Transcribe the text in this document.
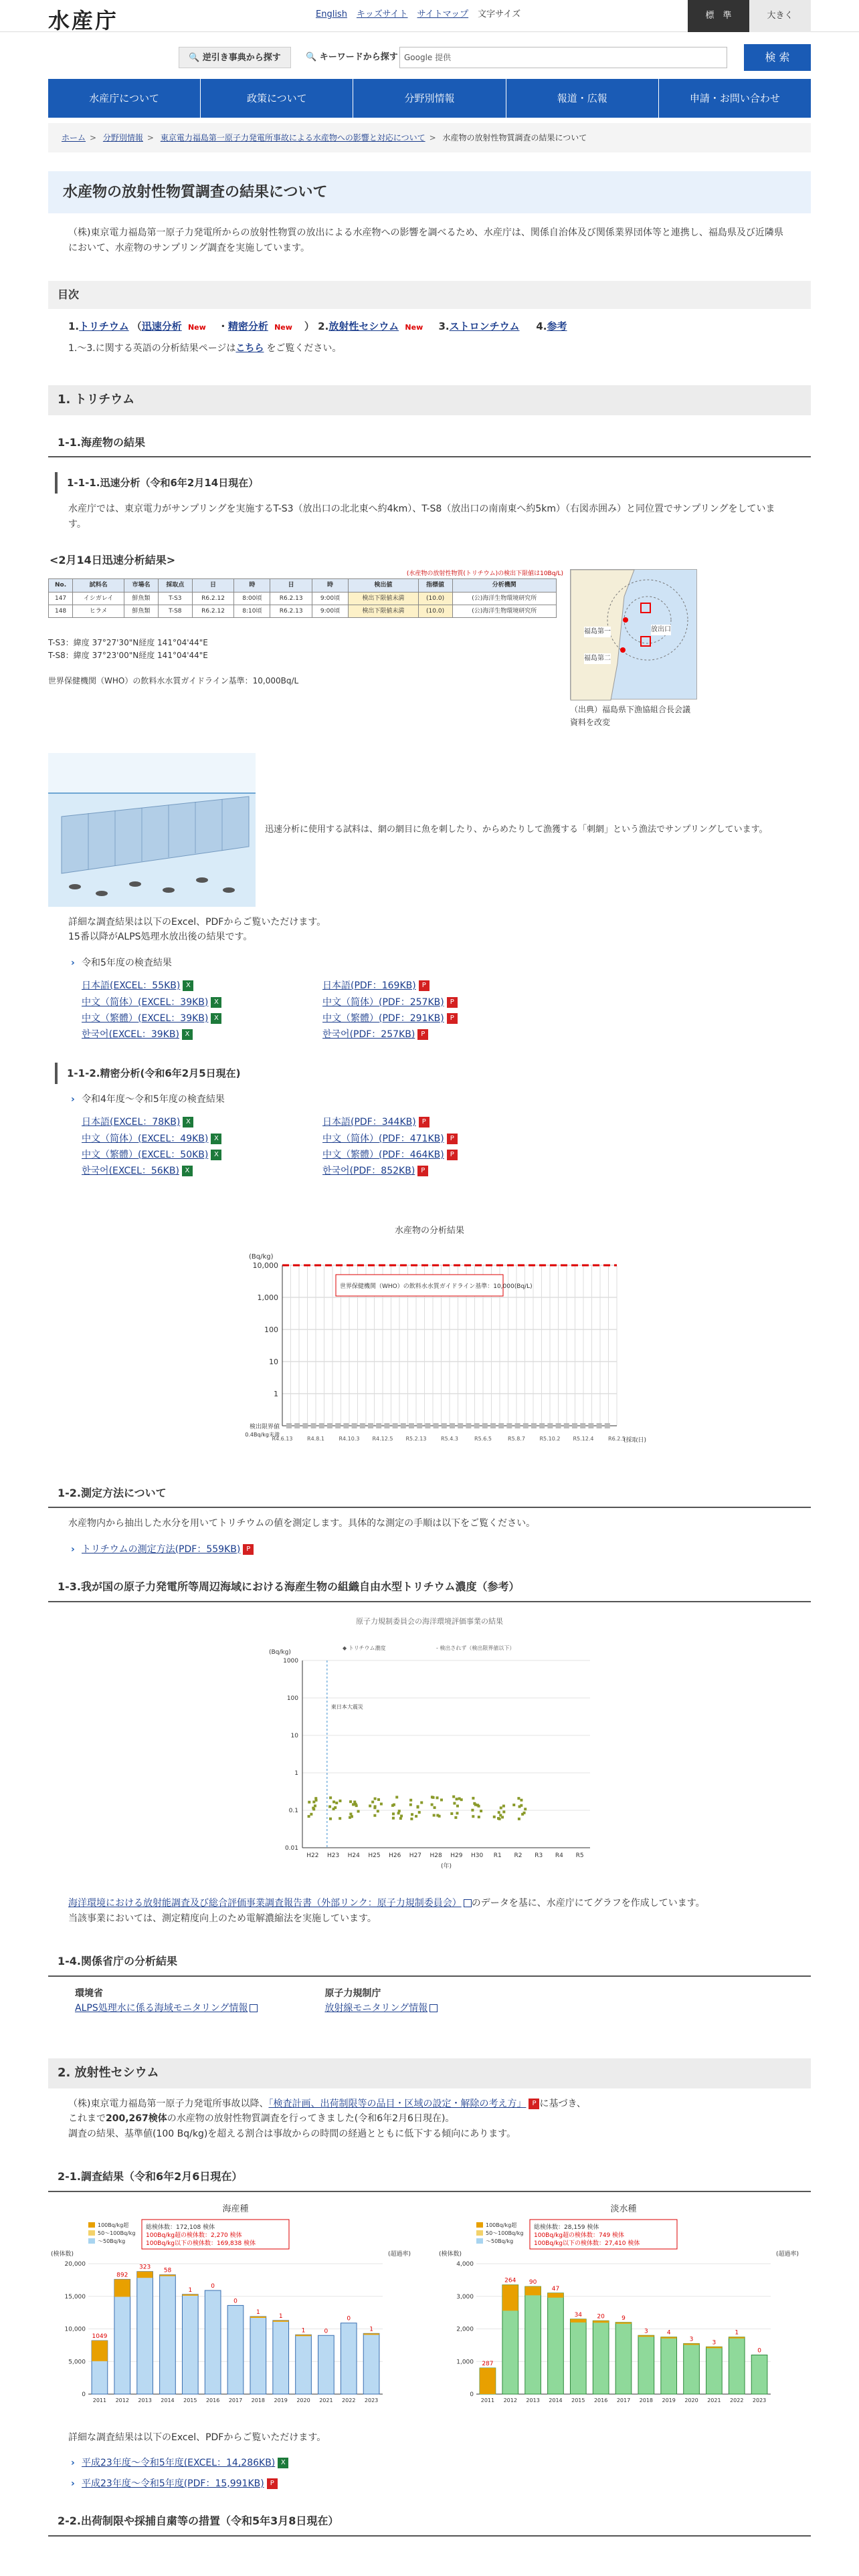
水産庁	English キッズサイト サイトマップ 文字サイズ	標　準	大きく
🔍 逆引き事典から探す	🔍 キーワードから探す Google 提供	検 索
水産庁について	政策について	分野別情報	報道・広報	申請・お問い合わせ
ホーム > 分野別情報 > 東京電力福島第一原子力発電所事故による水産物への影響と対応について > 水産物の放射性物質調査の結果について
水産物の放射性物質調査の結果について

（株)東京電力福島第一原子力発電所からの放射性物質の放出による水産物への影響を調べるため、水産庁は、関係自治体及び関係業界団体等と連携し、福島県及び近隣県において、水産物のサンプリング調査を実施しています。

目次
1.トリチウム （迅速分析 New ・精密分析 New ） 2.放射性セシウム New 3.ストロンチウム 4.参考
1.〜3.に関する英語の分析結果ページはこちら をご覧ください。
1. トリチウム
1-1.海産物の結果
1-1-1.迅速分析（令和6年2月14日現在）

水産庁では、東京電力がサンプリングを実施するT-S3（放出口の北北東へ約4km）、T-S8（放出口の南南東へ約5km）（右図赤囲み）と同位置でサンプリングをしています。

<2月14日迅速分析結果>
(水産物の放射性物質(トリチウム)の検出下限値は10Bq/L)
No.	試料名	市場名	採取点	日	時	日	時	検出値	指標値	分析機関
147	イシガレイ	鮮魚類	T-S3	R6.2.12	8:00頃	R6.2.13	9:00頃	検出下限値未満	(10.0)	(公)海洋生物環境研究所
148	ヒラメ	鮮魚類	T-S8	R6.2.12	8:10頃	R6.2.13	9:00頃	検出下限値未満	(10.0)	(公)海洋生物環境研究所
T-S3：緯度 37°27'30"N経度 141°04'44"E
T-S8：緯度 37°23'00"N経度 141°04'44"E
世界保健機関（WHO）の飲料水水質ガイドライン基準：10,000Bq/L
福島第一
福島第二
放出口
（出典）福島県下漁協組合長会議資料を改変

迅速分析に使用する試料は、網の網目に魚を刺したり、からめたりして漁獲する「刺網」という漁法でサンプリングしています。

詳細な調査結果は以下のExcel、PDFからご覧いただけます。

15番以降がALPS処理水放出後の結果です。

› 令和5年度の検査結果
日本語(EXCEL：55KB) X	日本語(PDF：169KB) P
中文（简体）(EXCEL：39KB) X	中文（简体）(PDF：257KB) P
中文（繁體）(EXCEL：39KB) X	中文（繁體）(PDF：291KB) P
한국어(EXCEL：39KB) X	한국어(PDF：257KB) P
1-1-2.精密分析(令和6年2月5日現在)
› 令和4年度〜令和5年度の検査結果
日本語(EXCEL：78KB) X	日本語(PDF：344KB) P
中文（简体）(EXCEL：49KB) X	中文（简体）(PDF：471KB) P
中文（繁體）(EXCEL：50KB) X	中文（繁體）(PDF：464KB) P
한국어(EXCEL：56KB) X	한국어(PDF：852KB) P
水産物の分析結果
(Bq/kg)
10,000
1,000
100
10
1
世界保健機関（WHO）の飲料水水質ガイドライン基準：10,000(Bq/L)
検出限界値
0.4Bq/kg未満
R4.6.13	R4.8.1	R4.10.3 R4.12.5 R5.2.13	R5.4.3	R5.6.5	R5.8.7	R5.10.2 R5.12.4	R6.2.5
(採取日)
1-2.測定方法について

水産物内から抽出した水分を用いてトリチウムの値を測定します。具体的な測定の手順は以下をご覧ください。

› トリチウムの測定方法(PDF：559KB) P
1-3.我が国の原子力発電所等周辺海域における海産生物の組織自由水型トリチウム濃度（参考）
原子力規制委員会の海洋環境評価事業の結果
(Bq/kg)
◆ トリチウム濃度	- 検出されず（検出限界値以下）
1000
100
10
1
0.1
0.01
H22 H23 H24 H25 H26 H27 H28 H29 H30 R1 R2 R3 R4 R5
(年)
東日本大震災

海洋環境における放射能調査及び総合評価事業調査報告書（外部リンク：原子力規制委員会） のデータを基に、水産庁にてグラフを作成しています。

当該事業においては、測定精度向上のため電解濃縮法を実施しています。

1-4.関係省庁の分析結果
環境省
ALPS処理水に係る海域モニタリング情報
原子力規制庁
放射線モニタリング情報
2. 放射性セシウム

（株)東京電力福島第一原子力発電所事故以降、「検査計画、出荷制限等の品目・区域の設定・解除の考え方」 P に基づき、
これまで200,267検体の水産物の放射性物質調査を行ってきました(令和6年2月6日現在)。
調査の結果、基準値(100 Bq/kg)を超える割合は事故からの時間の経過とともに低下する傾向にあります。

2-1.調査結果（令和6年2月6日現在）
海産種
(検体数)	(超過率)
総検体数：172,108 検体
100Bq/kg超の検体数：2,270 検体
100Bq/kg以下の検体数：169,838 検体
100Bq/kg超
50〜100Bq/kg
〜50Bq/kg
20,000
15,000
10,000
5,000
0
1049
2011
892
2012
323
2013
58
2014
1
2015
0
2016
0
2017
1
2018
1
2019
1
2020
0
2021
0
2022
1
2023
淡水種
(検体数)	(超過率)
総検体数：28,159 検体
100Bq/kg超の検体数：749 検体
100Bq/kg以下の検体数：27,410 検体
100Bq/kg超
50〜100Bq/kg
〜50Bq/kg
4,000
3,000
2,000
1,000
0
287
2011
264
2012
90
2013
47
2014
34
2015
20
2016
9
2017
3
2018
4
2019
3
2020
3
2021
1
2022
0
2023

詳細な調査結果は以下のExcel、PDFからご覧いただけます。

› 平成23年度〜令和5年度(EXCEL：14,286KB) X
› 平成23年度〜令和5年度(PDF：15,991KB) P
2-2.出荷制限や採捕自粛等の措置（令和5年3月8日現在）
